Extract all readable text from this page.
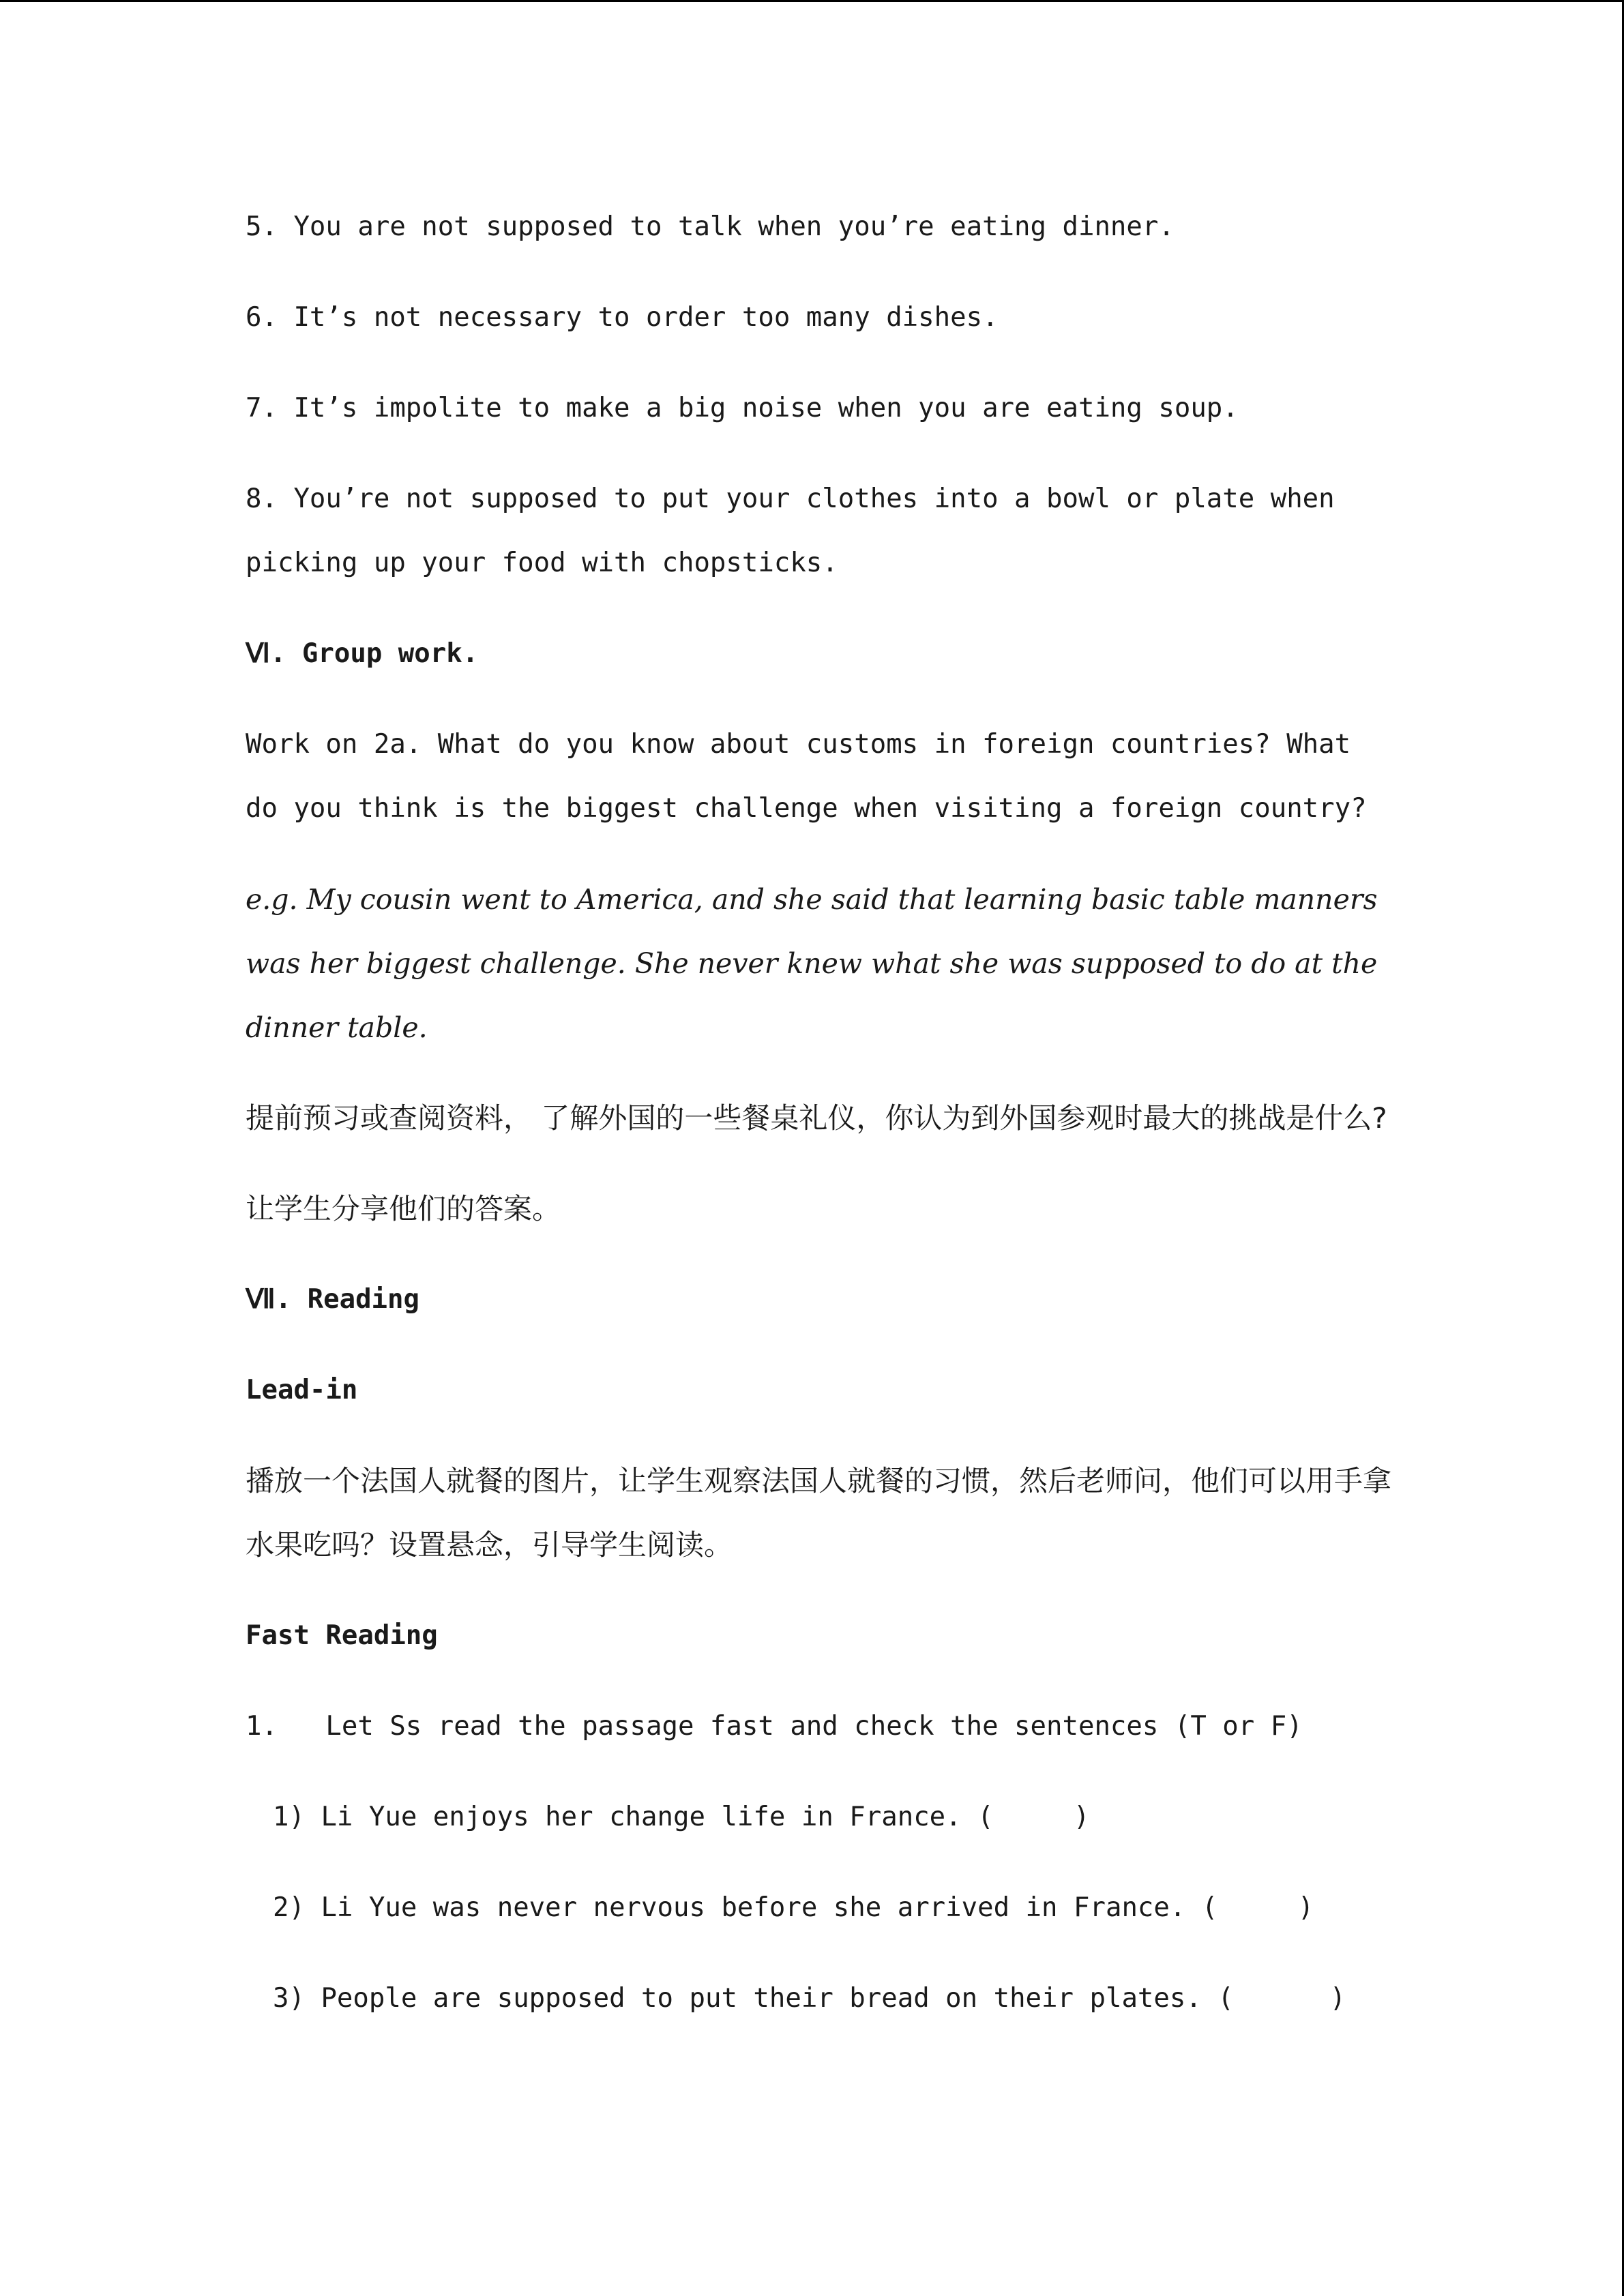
5. You are not supposed to talk when you’re eating dinner.

6. It’s not necessary to order too many dishes.

7. It’s impolite to make a big noise when you are eating soup.

8. You’re not supposed to put your clothes into a bowl or plate when picking up your food with chopsticks.

Ⅵ. Group work.

Work on 2a. What do you know about customs in foreign countries? What do you think is the biggest challenge when visiting a foreign country?

e.g. My cousin went to America, and she said that learning basic table manners was her biggest challenge. She never knew what she was supposed to do at the dinner table.

提前预习或查阅资料， 了解外国的一些餐桌礼仪，你认为到外国参观时最大的挑战是什么?

让学生分享他们的答案。

Ⅶ. Reading

Lead-in

播放一个法国人就餐的图片，让学生观察法国人就餐的习惯，然后老师问，他们可以用手拿水果吃吗？设置悬念，引导学生阅读。

Fast Reading

1.   Let Ss read the passage fast and check the sentences (T or F)

1) Li Yue enjoys her change life in France. (     )

2) Li Yue was never nervous before she arrived in France. (     )

3) People are supposed to put their bread on their plates. (      )
